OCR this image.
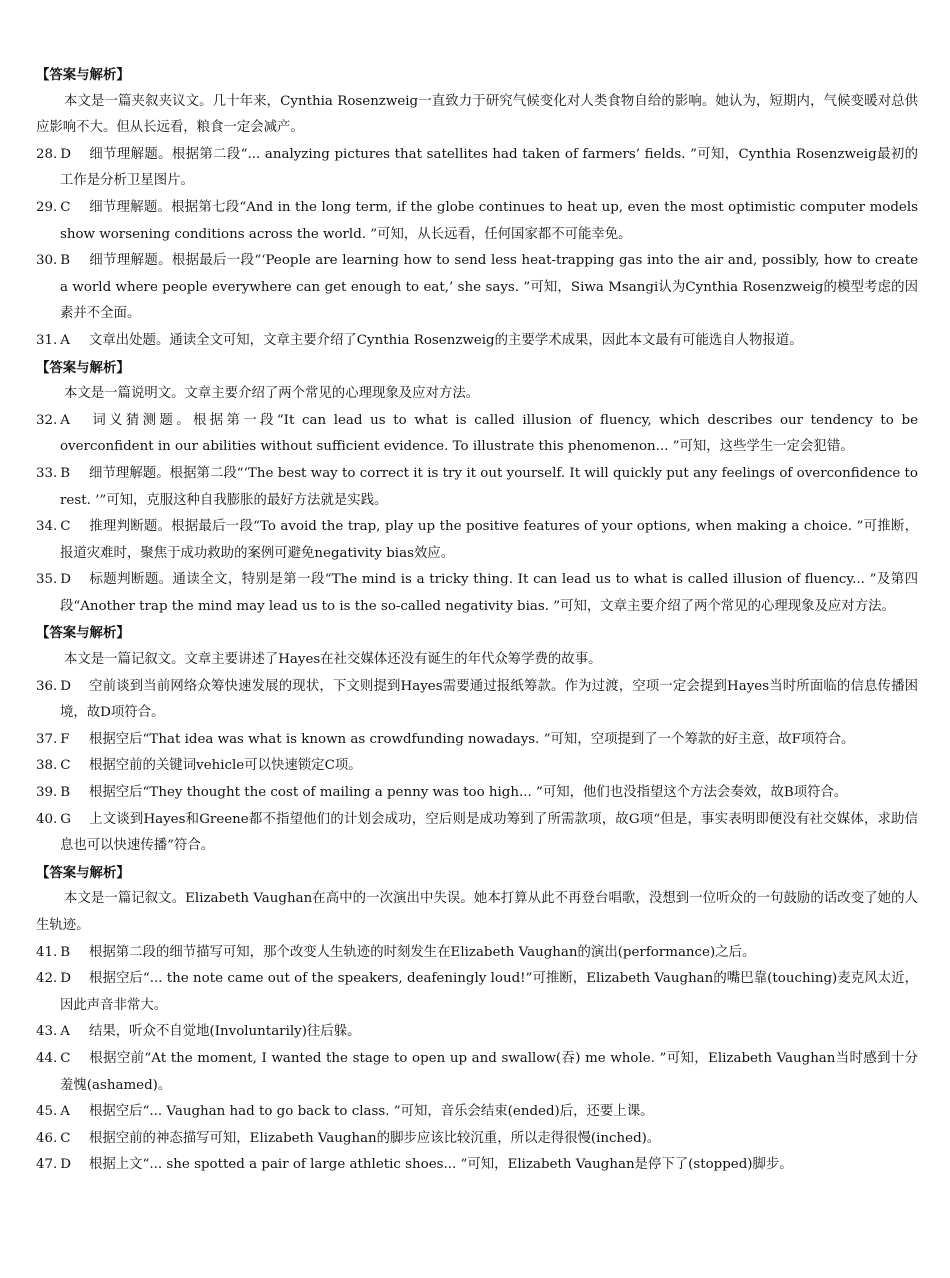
【答案与解析】
本文是一篇夹叙夹议文。几十年来，Cynthia Rosenzweig一直致力于研究气候变化对人类食物自给的影响。她认为，短期内，气候变暖对总供应影响不大。但从长远看，粮食一定会减产。
28. D 细节理解题。根据第二段“... analyzing pictures that satellites had taken of farmers’ fields. ”可知，Cynthia Rosenzweig最初的工作是分析卫星图片。
29. C 细节理解题。根据第七段“And in the long term, if the globe continues to heat up, even the most optimistic computer models show worsening conditions across the world. ”可知，从长远看，任何国家都不可能幸免。
30. B 细节理解题。根据最后一段“‘People are learning how to send less heat-trapping gas into the air and, possibly, how to create a world where people everywhere can get enough to eat,’ she says. ”可知，Siwa Msangi认为Cynthia Rosenzweig的模型考虑的因素并不全面。
31. A 文章出处题。通读全文可知，文章主要介绍了Cynthia Rosenzweig的主要学术成果，因此本文最有可能选自人物报道。
【答案与解析】
本文是一篇说明文。文章主要介绍了两个常见的心理现象及应对方法。
32. A 词义猜测题。根据第一段“It can lead us to what is called illusion of fluency, which describes our tendency to be overconfident in our abilities without sufficient evidence. To illustrate this phenomenon... ”可知，这些学生一定会犯错。
33. B 细节理解题。根据第二段“‘The best way to correct it is try it out yourself. It will quickly put any feelings of overconfidence to rest. ’”可知，克服这种自我膨胀的最好方法就是实践。
34. C 推理判断题。根据最后一段“To avoid the trap, play up the positive features of your options, when making a choice. ”可推断，报道灾难时，聚焦于成功救助的案例可避免negativity bias效应。
35. D 标题判断题。通读全文，特别是第一段“The mind is a tricky thing. It can lead us to what is called illusion of fluency... ”及第四段“Another trap the mind may lead us to is the so-called negativity bias. ”可知，文章主要介绍了两个常见的心理现象及应对方法。
【答案与解析】
本文是一篇记叙文。文章主要讲述了Hayes在社交媒体还没有诞生的年代众筹学费的故事。
36. D 空前谈到当前网络众筹快速发展的现状，下文则提到Hayes需要通过报纸筹款。作为过渡，空项一定会提到Hayes当时所面临的信息传播困境，故D项符合。
37. F 根据空后“That idea was what is known as crowdfunding nowadays. ”可知，空项提到了一个筹款的好主意，故F项符合。
38. C 根据空前的关键词vehicle可以快速锁定C项。
39. B 根据空后“They thought the cost of mailing a penny was too high... ”可知，他们也没指望这个方法会奏效，故B项符合。
40. G 上文谈到Hayes和Greene都不指望他们的计划会成功，空后则是成功筹到了所需款项，故G项“但是，事实表明即便没有社交媒体，求助信息也可以快速传播”符合。
【答案与解析】
本文是一篇记叙文。Elizabeth Vaughan在高中的一次演出中失误。她本打算从此不再登台唱歌，没想到一位听众的一句鼓励的话改变了她的人生轨迹。
41. B 根据第二段的细节描写可知，那个改变人生轨迹的时刻发生在Elizabeth Vaughan的演出(performance)之后。
42. D 根据空后“... the note came out of the speakers, deafeningly loud!”可推断，Elizabeth Vaughan的嘴巴靠(touching)麦克风太近，因此声音非常大。
43. A 结果，听众不自觉地(Involuntarily)往后躲。
44. C 根据空前“At the moment, I wanted the stage to open up and swallow(吞) me whole. ”可知，Elizabeth Vaughan当时感到十分羞愧(ashamed)。
45. A 根据空后“... Vaughan had to go back to class. ”可知，音乐会结束(ended)后，还要上课。
46. C 根据空前的神态描写可知，Elizabeth Vaughan的脚步应该比较沉重，所以走得很慢(inched)。
47. D 根据上文“... she spotted a pair of large athletic shoes... ”可知，Elizabeth Vaughan是停下了(stopped)脚步。
